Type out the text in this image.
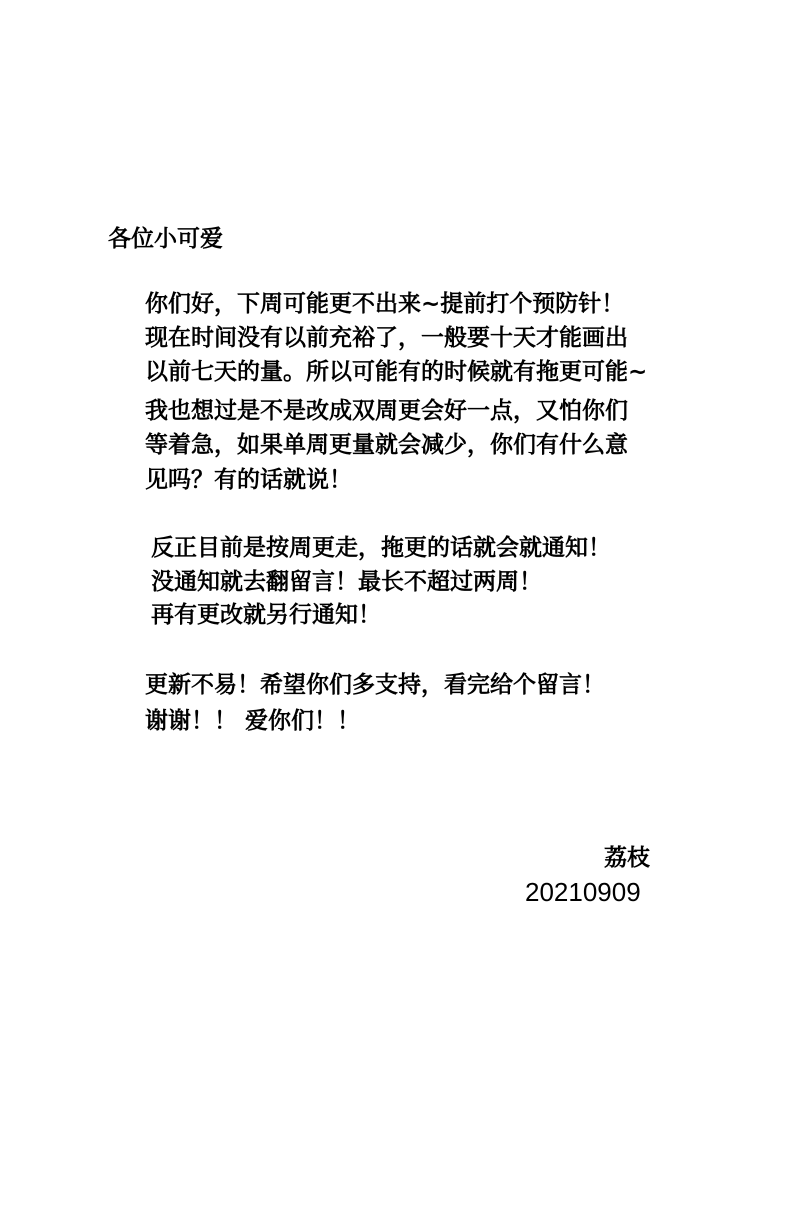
各位小可爱
你们好，下周可能更不出来~提前打个预防针！
现在时间没有以前充裕了，一般要十天才能画出
以前七天的量。所以可能有的时候就有拖更可能~
我也想过是不是改成双周更会好一点，又怕你们
等着急，如果单周更量就会减少，你们有什么意
见吗？有的话就说！
反正目前是按周更走，拖更的话就会就通知！
没通知就去翻留言！最长不超过两周！
再有更改就另行通知！
更新不易！希望你们多支持，看完给个留言！
谢谢！！ 爱你们！！
荔枝
20210909
